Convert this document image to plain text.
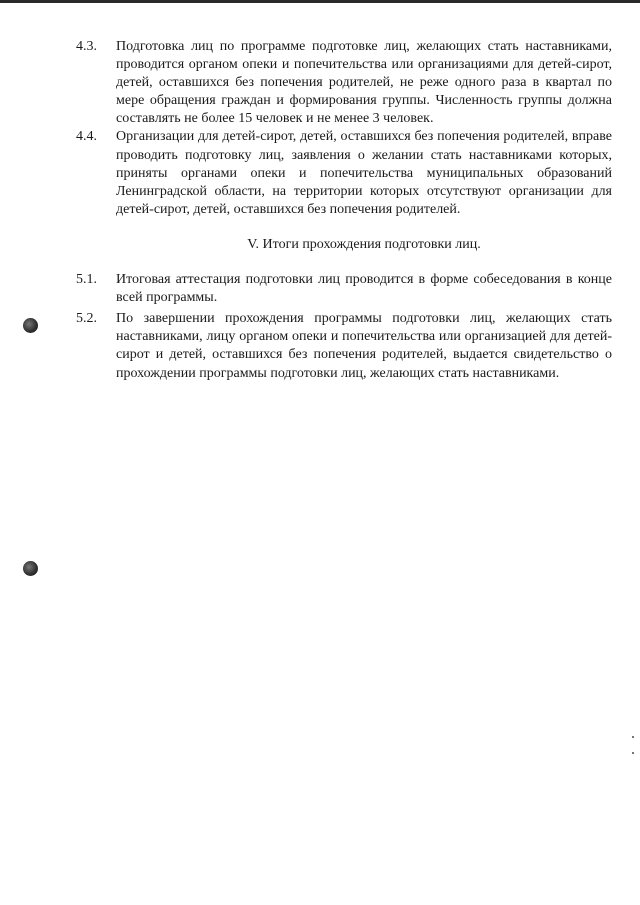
4.3.	Подготовка лиц по программе подготовке лиц, желающих стать наставниками, проводится органом опеки и попечительства или организациями для детей-сирот, детей, оставшихся без попечения родителей, не реже одного раза в квартал по мере обращения граждан и формирования группы. Численность группы должна составлять не более 15 человек и не менее 3 человек.
4.4.	Организации для детей-сирот, детей, оставшихся без попечения родителей, вправе проводить подготовку лиц, заявления о желании стать наставниками которых, приняты органами опеки и попечительства муниципальных образований Ленинградской области, на территории которых отсутствуют организации для детей-сирот, детей, оставшихся без попечения родителей.
V. Итоги прохождения подготовки лиц.
5.1.	Итоговая аттестация подготовки лиц проводится в форме собеседования в конце всей программы.
5.2.	По завершении прохождения программы подготовки лиц, желающих стать наставниками, лицу органом опеки и попечительства или организацией для детей-сирот и детей, оставшихся без попечения родителей, выдается свидетельство о прохождении программы подготовки лиц, желающих стать наставниками.
